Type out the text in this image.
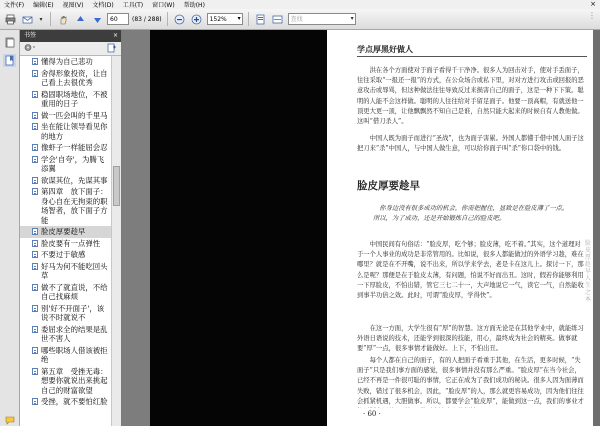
文件(F) 编辑(E) 视图(V) 文档(D) 工具(T) 窗口(W) 帮助(H)	×
▾	60	(83 / 288)	152% ▾	查找 ▾	⋮
书签	×
懂得为自己悲功
舍得形象投资，让自己看上去很优秀
稳固职场地位，不被重用的日子
做一匹会叫的千里马
坐在能让领导看见你的地方
像虾子一样能屈会忍
学会'自夸'，为腾飞添翼
欲谋其位，先谋其事
第四章　放下面子：身心自在无拘束的职场智者，放下面子方能
脸皮厚要趁早
脸皮要有一点弹性
不要过于敏感
好马为何不能吃回头草
做不了就直说，不给自己找麻烦
别'好不开面子'，该说不时就说不
委屈求全的结果是乱世不害人
哪些职场人借该被拒绝
第五章　受挫无毒：想要你就说出来挑起自己的财富欲望
受挫，就不要怕红脸
学点厚黑好做人
洪在各个方面使对于面子看得千干净净。很多人为回击对手，使对手丢面子，往往采取“一报还一报”的方式，在公众场合或私下里，对对方进行攻击或回报的恶意攻击或辱骂，但这种做法往往导致反过来损害自己的面子，这是一种下下策。聪明的人能不会这样做。聪明的人往往给对手留足面子。他要一顶高帽，有就送他一顶更大更一顶，让他飘飘然不知自己是谁，自然只能大起来的时候自有人教他做。这叫“借刀杀人”。
中国人既为面子而进行“圣战”，也为面子害累。外国人都懂于借中国人面子这把刀来“杀”中国人，与中国人做生意，可以给你面子叫“杀”你口袋中的钱。
脸皮厚要趁早
你身边没有很多成功的机会，你需把握住，显致是在脸皮薄了一点。所以，为了成功，还是开始锻炼自己的脸皮吧。
中国民间有句俗话：“脸皮厚，吃个够；脸皮薄，吃不着。”其实，这个道理对于一个人事业的成功是非常管用的。比如说，很多人都能做过的外语学习趁，难在哪里？就是在不开嘴，说不出来，所以学来学去，老是卡在这儿上。探讨一下，那么是呢？那便是在于脸皮太薄，有问题，怕说不好而出丑。这时，假若你能够利用一下厚脸皮，不怕出错，管它三七二十一，大声地说它一气，读它一气，自然能收到事半功倍之效。此时，可谓“脸皮厚，学得快”。
在这一方面，大学生很有“厚”的智慧。这方面无论是在其他学业中，就能练习外语日语说的技术，还能学到很深的技能，用心，最终成为社会的精英。做事就要“厚”一点，很多事情才能做好。上下，不怕出丑。
每个人都在自己的面子，有的人把面子看重于其他，在生活，更多时候，“失面子”只是我们事方面的感觉，很多事情并没有那么严重。“脸皮厚”在当今社会，已经不再是一件很可耻的事情，它正在成为了我们成功的秘诀。很多人因为面薄而失败，错过了很多机会，因此，“脸皮厚”的人，那么就更容易成功，因为他们往往会抓紧机遇，大胆做事。所以，都要学会“脸皮厚”，能做到这一点，我们的事业才
· 60 ·
脸皮厚趁早人生之本
